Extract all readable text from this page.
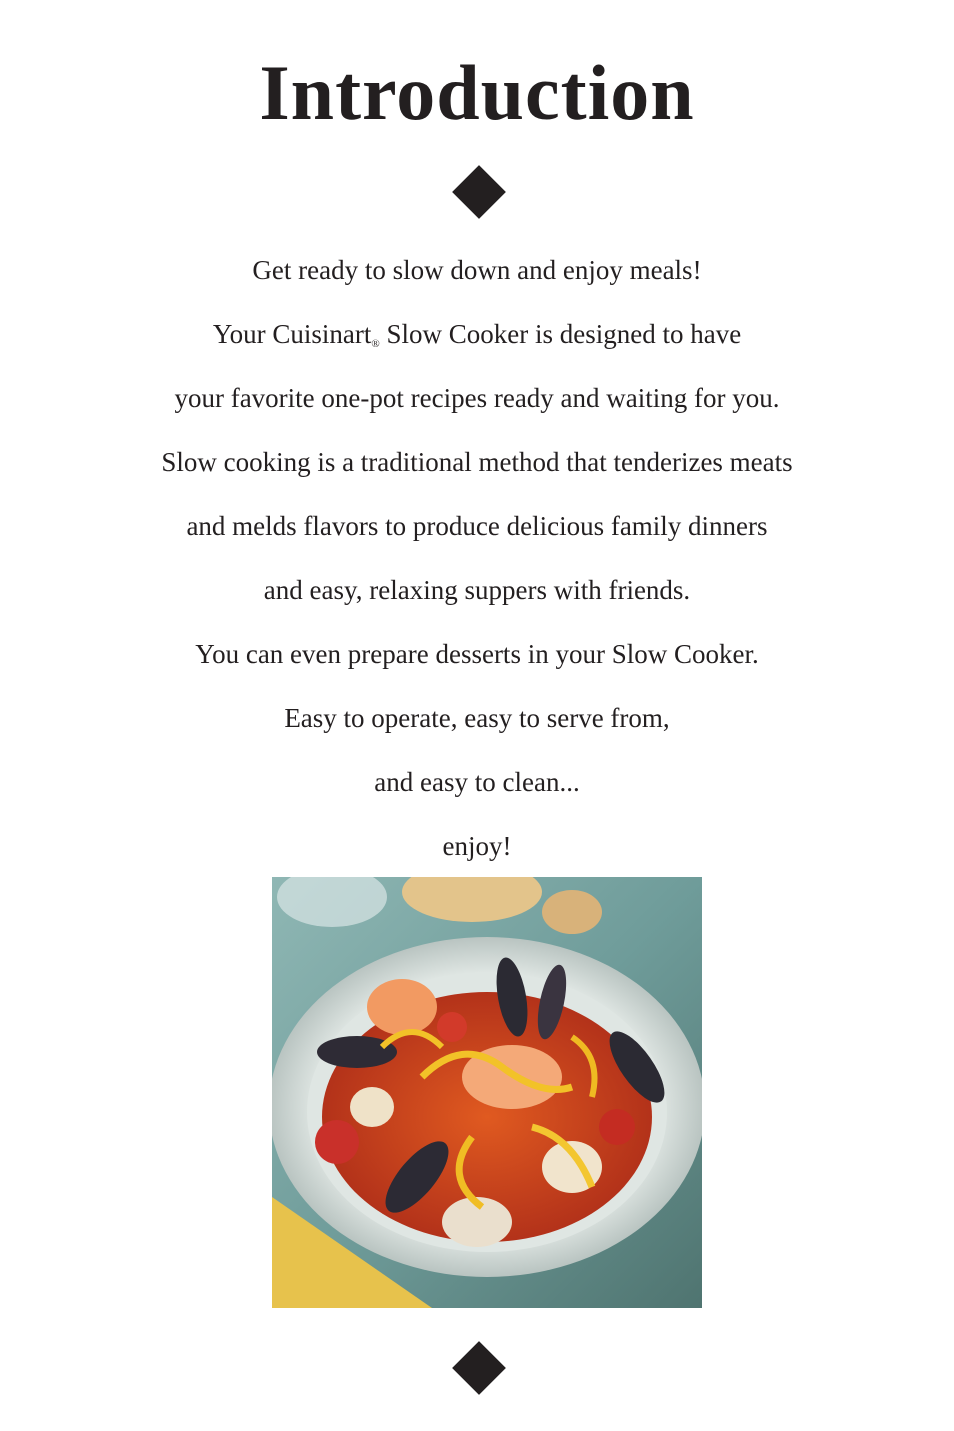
Introduction
Get ready to slow down and enjoy meals!
Your Cuisinart® Slow Cooker is designed to have
your favorite one-pot recipes ready and waiting for you.
Slow cooking is a traditional method that tenderizes meats
and melds flavors to produce delicious family dinners
and easy, relaxing suppers with friends.
You can even prepare desserts in your Slow Cooker.
Easy to operate, easy to serve from,
and easy to clean...
enjoy!
